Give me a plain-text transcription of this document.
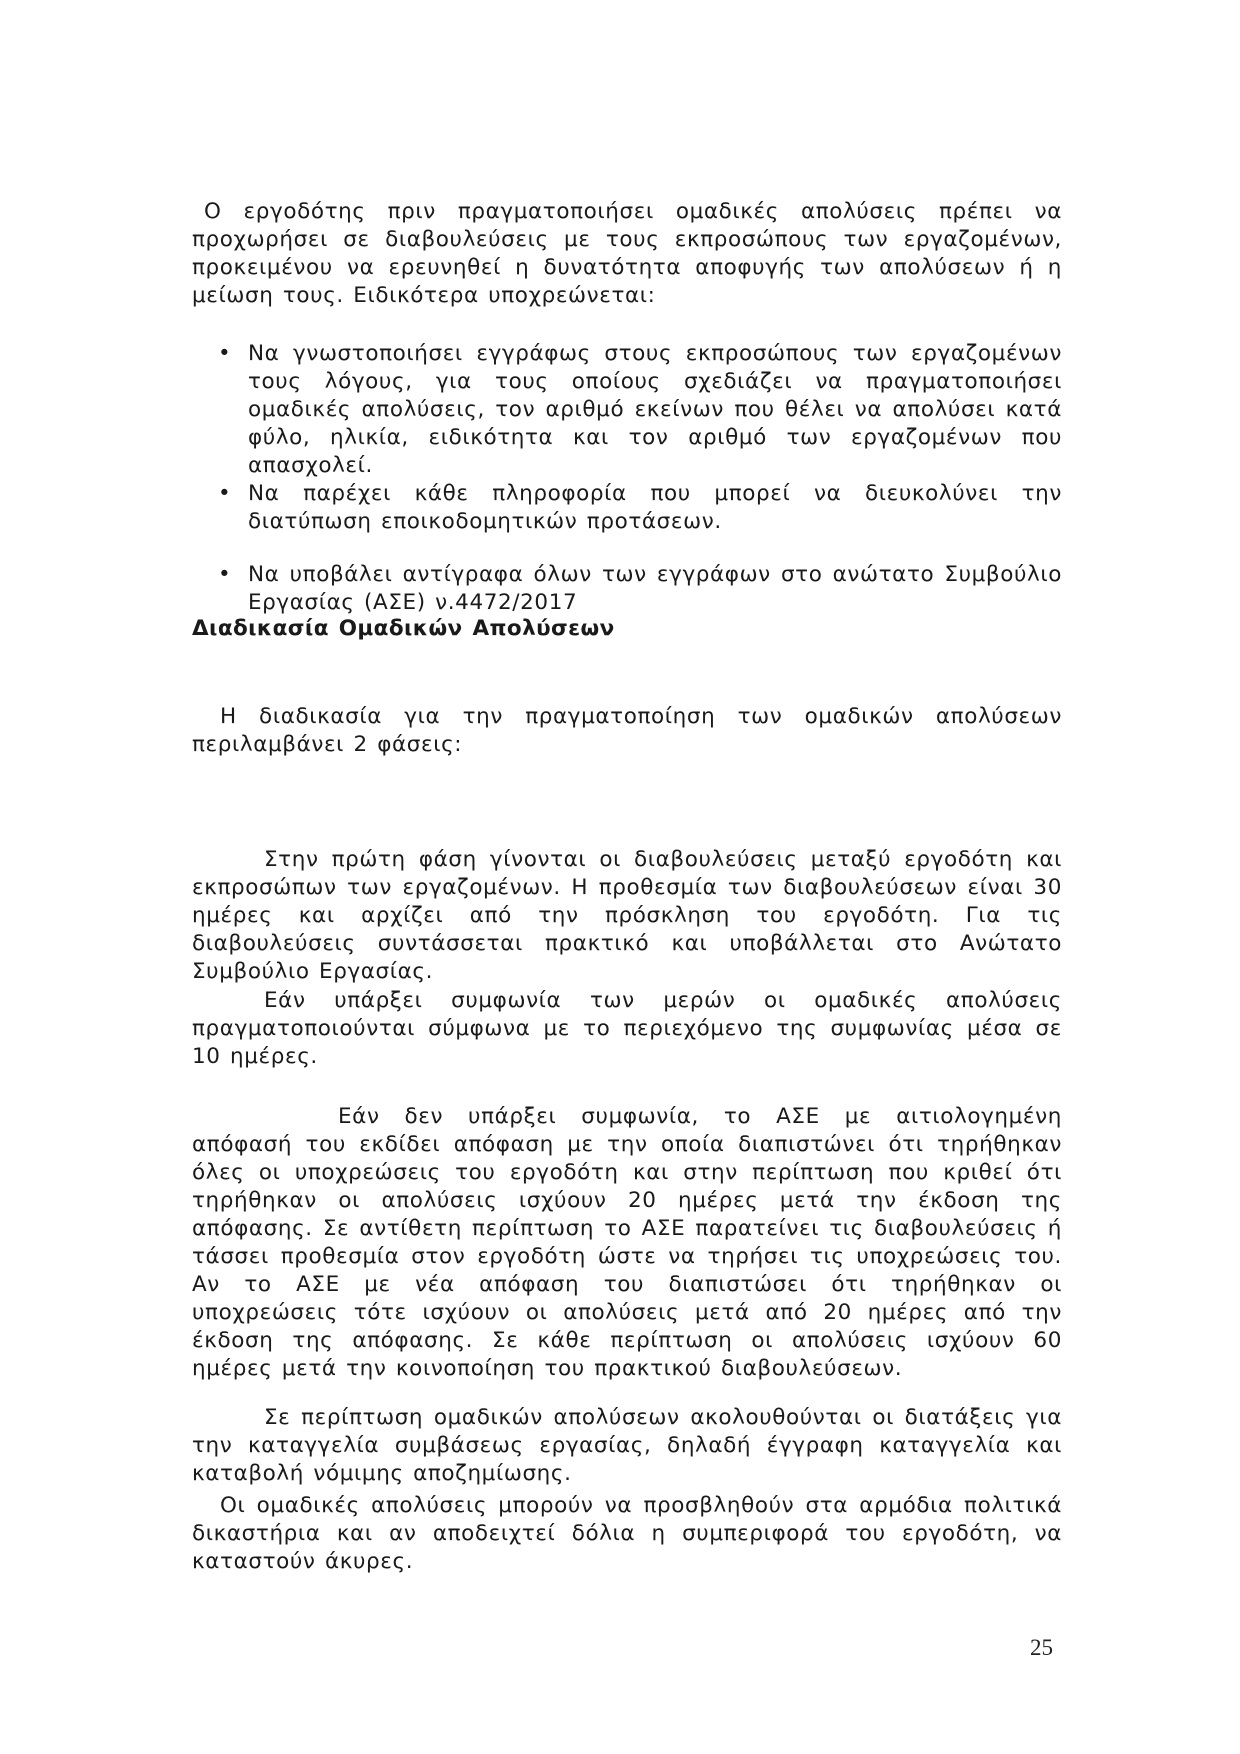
Ο εργοδότης πριν πραγματοποιήσει ομαδικές απολύσεις πρέπει να προχωρήσει σε διαβουλεύσεις με τους εκπροσώπους των εργαζομένων, προκειμένου να ερευνηθεί η δυνατότητα αποφυγής των απολύσεων ή η μείωση τους. Ειδικότερα υποχρεώνεται:

• Να γνωστοποιήσει εγγράφως στους εκπροσώπους των εργαζομένων τους λόγους, για τους οποίους σχεδιάζει να πραγματοποιήσει ομαδικές απολύσεις, τον αριθμό εκείνων που θέλει να απολύσει κατά φύλο, ηλικία, ειδικότητα και τον αριθμό των εργαζομένων που απασχολεί.
• Να παρέχει κάθε πληροφορία που μπορεί να διευκολύνει την διατύπωση εποικοδομητικών προτάσεων.
• Να υποβάλει αντίγραφα όλων των εγγράφων στο ανώτατο Συμβούλιο Εργασίας (ΑΣΕ) ν.4472/2017
Διαδικασία Ομαδικών Απολύσεων

Η διαδικασία για την πραγματοποίηση των ομαδικών απολύσεων περιλαμβάνει 2 φάσεις:

Στην πρώτη φάση γίνονται οι διαβουλεύσεις μεταξύ εργοδότη και εκπροσώπων των εργαζομένων. Η προθεσμία των διαβουλεύσεων είναι 30 ημέρες και αρχίζει από την πρόσκληση του εργοδότη. Για τις διαβουλεύσεις συντάσσεται πρακτικό και υποβάλλεται στο Ανώτατο Συμβούλιο Εργασίας.

Εάν υπάρξει συμφωνία των μερών οι ομαδικές απολύσεις πραγματοποιούνται σύμφωνα με το περιεχόμενο της συμφωνίας μέσα σε 10 ημέρες.

Εάν δεν υπάρξει συμφωνία, το ΑΣΕ με αιτιολογημένη απόφασή του εκδίδει απόφαση με την οποία διαπιστώνει ότι τηρήθηκαν όλες οι υποχρεώσεις του εργοδότη και στην περίπτωση που κριθεί ότι τηρήθηκαν οι απολύσεις ισχύουν 20 ημέρες μετά την έκδοση της απόφασης. Σε αντίθετη περίπτωση το ΑΣΕ παρατείνει τις διαβουλεύσεις ή τάσσει προθεσμία στον εργοδότη ώστε να τηρήσει τις υποχρεώσεις του. Αν το ΑΣΕ με νέα απόφαση του διαπιστώσει ότι τηρήθηκαν οι υποχρεώσεις τότε ισχύουν οι απολύσεις μετά από 20 ημέρες από την έκδοση της απόφασης. Σε κάθε περίπτωση οι απολύσεις ισχύουν 60 ημέρες μετά την κοινοποίηση του πρακτικού διαβουλεύσεων.

Σε περίπτωση ομαδικών απολύσεων ακολουθούνται οι διατάξεις για την καταγγελία συμβάσεως εργασίας, δηλαδή έγγραφη καταγγελία και καταβολή νόμιμης αποζημίωσης.

Οι ομαδικές απολύσεις μπορούν να προσβληθούν στα αρμόδια πολιτικά δικαστήρια και αν αποδειχτεί δόλια η συμπεριφορά του εργοδότη, να καταστούν άκυρες.

25
